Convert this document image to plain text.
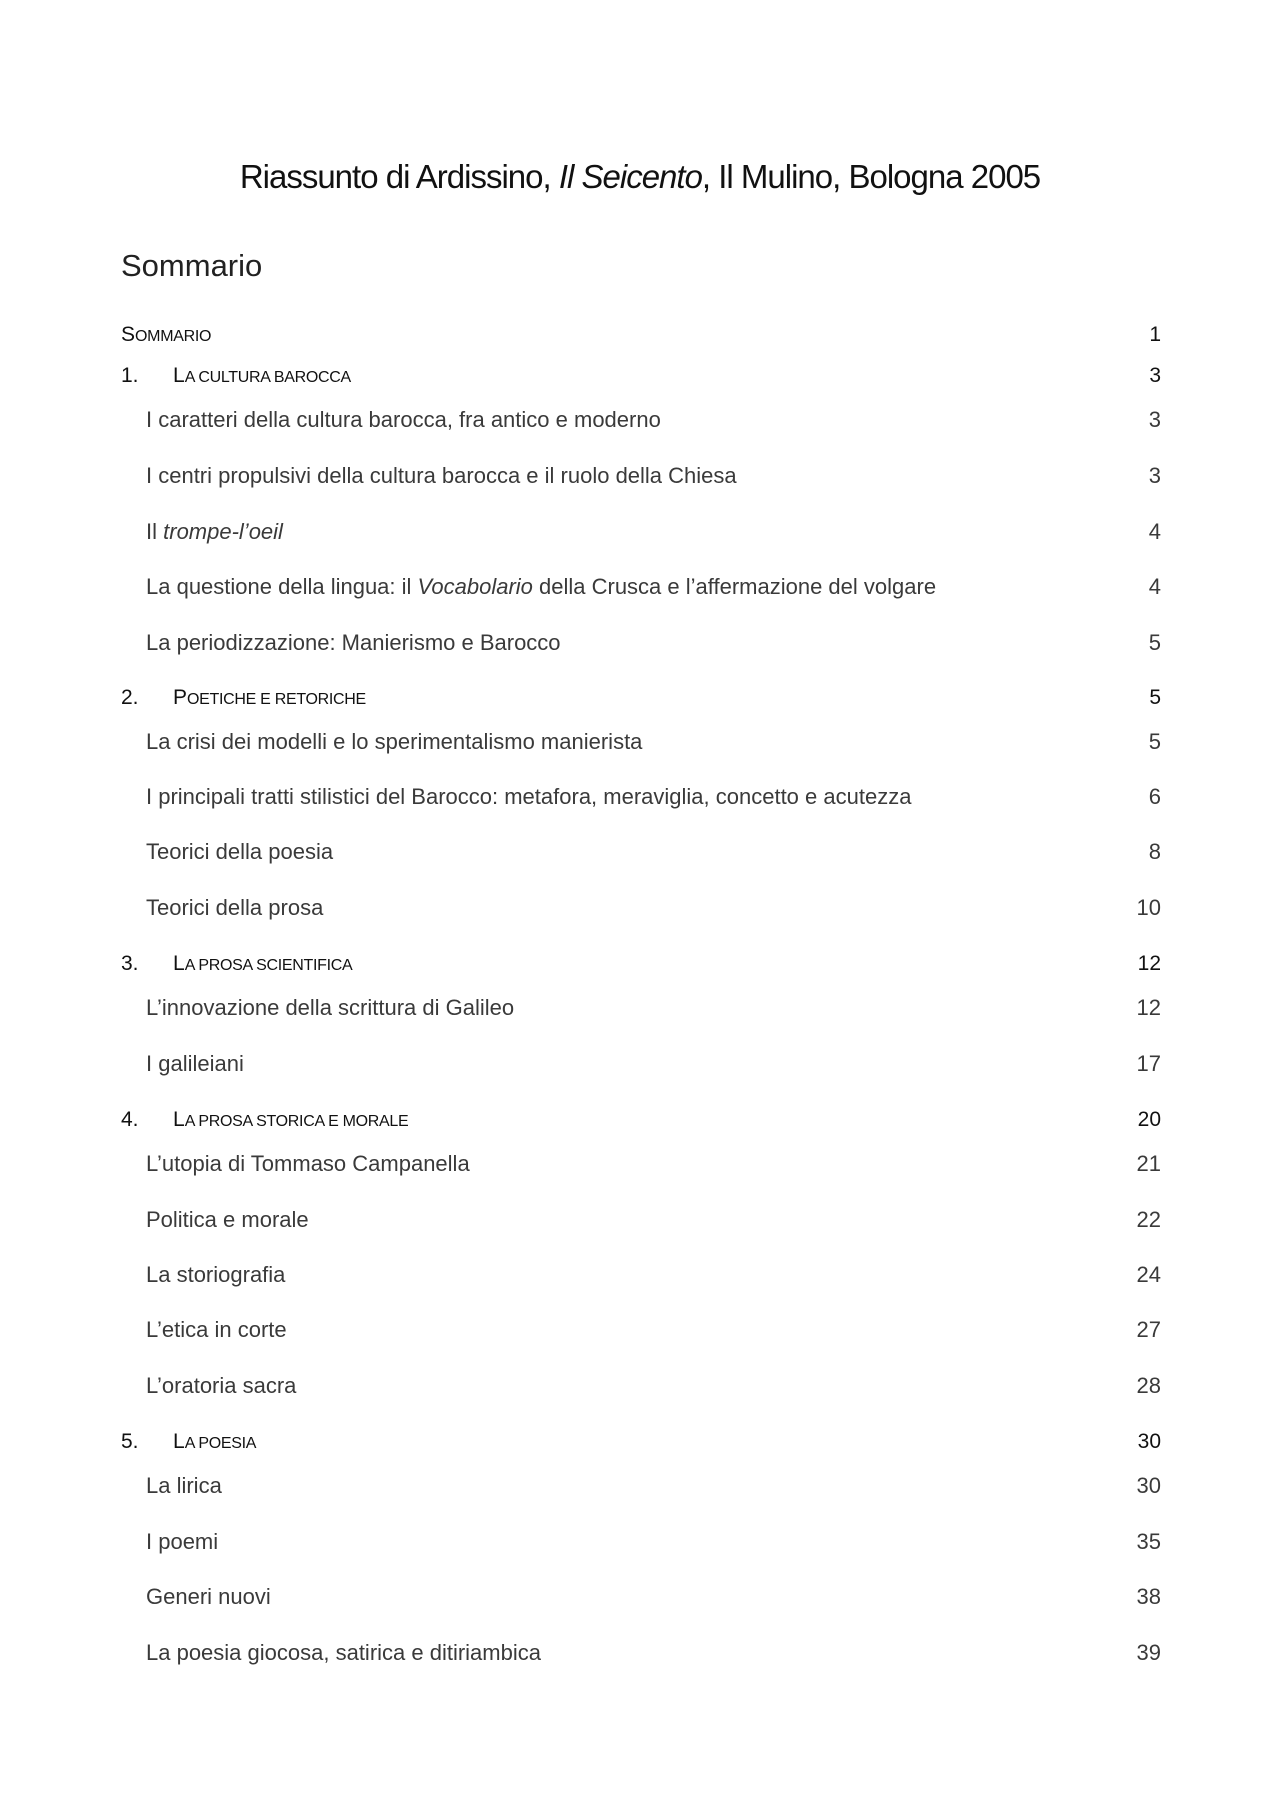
Riassunto di Ardissino, Il Seicento, Il Mulino, Bologna 2005
Sommario
SOMMARIO	1
1. LA CULTURA BAROCCA	3
I caratteri della cultura barocca, fra antico e moderno	3
I centri propulsivi della cultura barocca e il ruolo della Chiesa	3
Il trompe-l’oeil	4
La questione della lingua: il Vocabolario della Crusca e l’affermazione del volgare	4
La periodizzazione: Manierismo e Barocco	5
2. POETICHE E RETORICHE	5
La crisi dei modelli e lo sperimentalismo manierista	5
I principali tratti stilistici del Barocco: metafora, meraviglia, concetto e acutezza	6
Teorici della poesia	8
Teorici della prosa	10
3. LA PROSA SCIENTIFICA	12
L’innovazione della scrittura di Galileo	12
I galileiani	17
4. LA PROSA STORICA E MORALE	20
L’utopia di Tommaso Campanella	21
Politica e morale	22
La storiografia	24
L’etica in corte	27
L’oratoria sacra	28
5. LA POESIA	30
La lirica	30
I poemi	35
Generi nuovi	38
La poesia giocosa, satirica e ditiriambica	39
